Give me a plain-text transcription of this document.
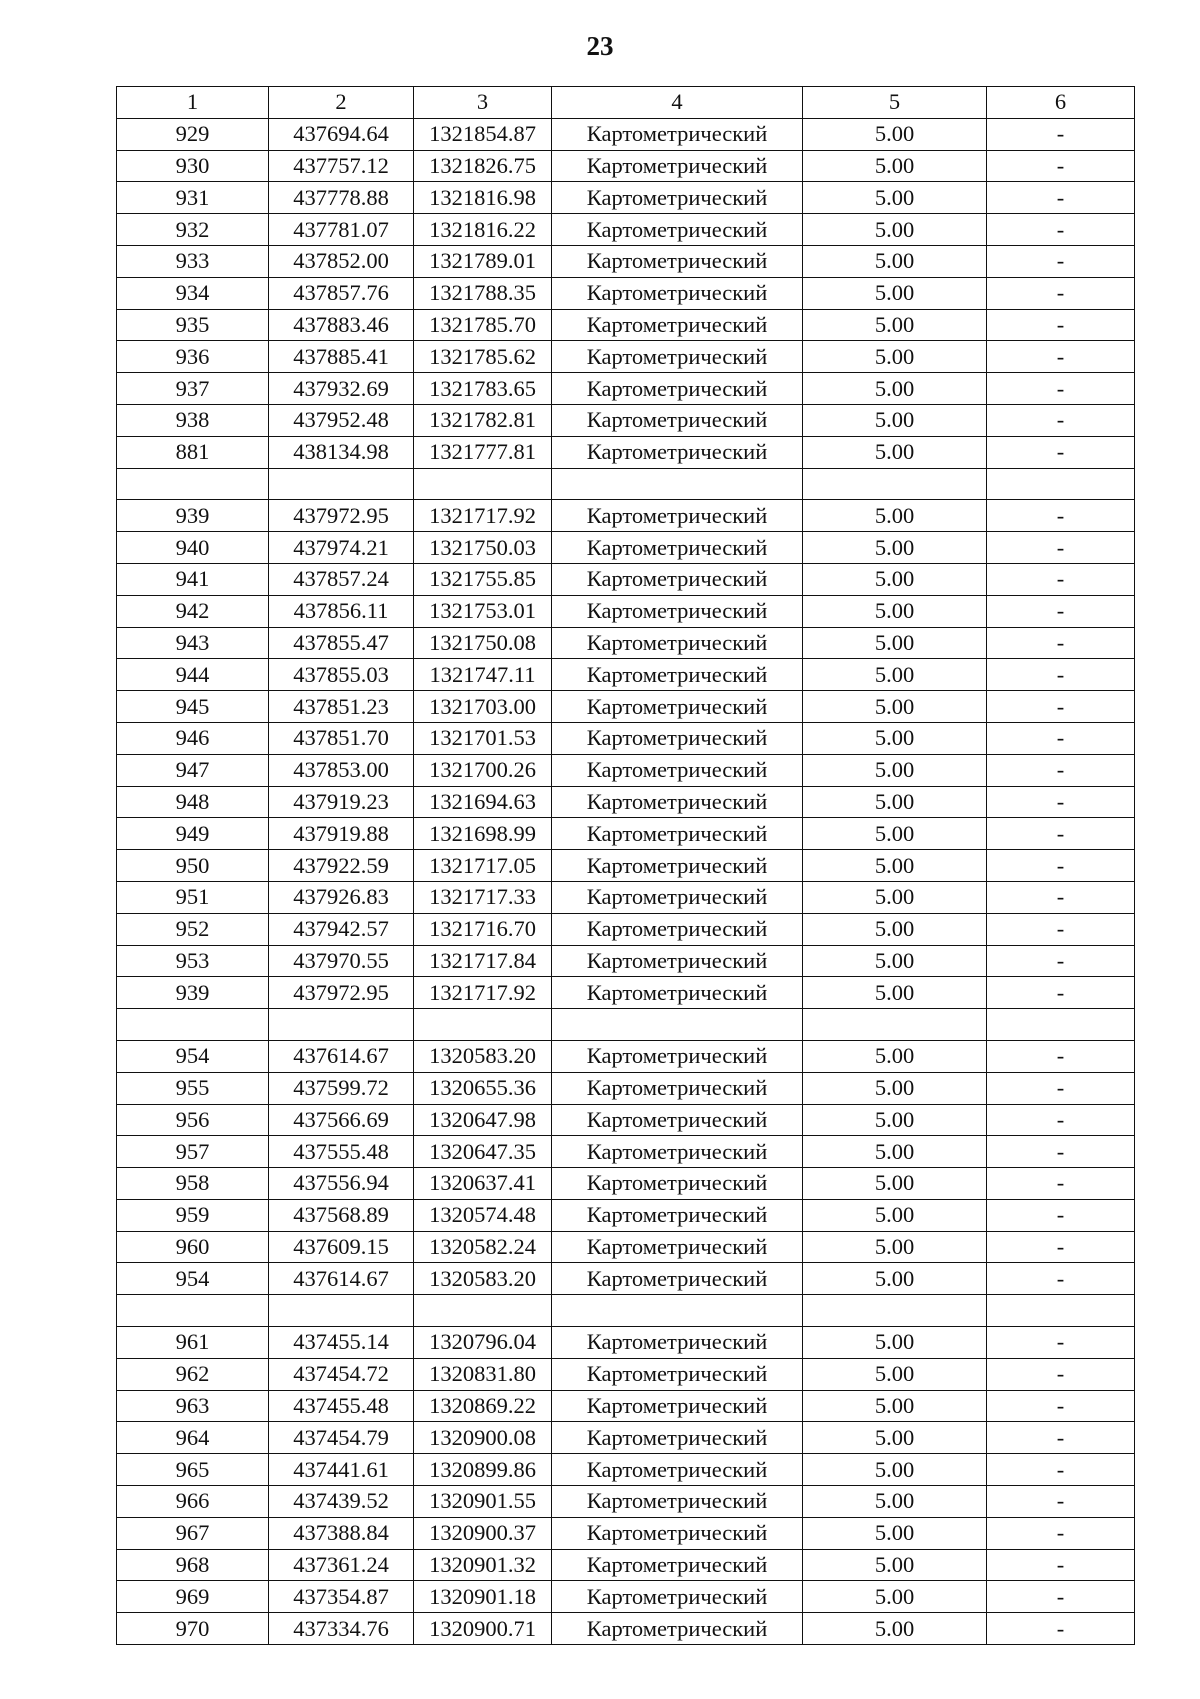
23
1	2	3	4	5	6
929	437694.64	1321854.87	Картометрический	5.00	-
930	437757.12	1321826.75	Картометрический	5.00	-
931	437778.88	1321816.98	Картометрический	5.00	-
932	437781.07	1321816.22	Картометрический	5.00	-
933	437852.00	1321789.01	Картометрический	5.00	-
934	437857.76	1321788.35	Картометрический	5.00	-
935	437883.46	1321785.70	Картометрический	5.00	-
936	437885.41	1321785.62	Картометрический	5.00	-
937	437932.69	1321783.65	Картометрический	5.00	-
938	437952.48	1321782.81	Картометрический	5.00	-
881	438134.98	1321777.81	Картометрический	5.00	-

939	437972.95	1321717.92	Картометрический	5.00	-
940	437974.21	1321750.03	Картометрический	5.00	-
941	437857.24	1321755.85	Картометрический	5.00	-
942	437856.11	1321753.01	Картометрический	5.00	-
943	437855.47	1321750.08	Картометрический	5.00	-
944	437855.03	1321747.11	Картометрический	5.00	-
945	437851.23	1321703.00	Картометрический	5.00	-
946	437851.70	1321701.53	Картометрический	5.00	-
947	437853.00	1321700.26	Картометрический	5.00	-
948	437919.23	1321694.63	Картометрический	5.00	-
949	437919.88	1321698.99	Картометрический	5.00	-
950	437922.59	1321717.05	Картометрический	5.00	-
951	437926.83	1321717.33	Картометрический	5.00	-
952	437942.57	1321716.70	Картометрический	5.00	-
953	437970.55	1321717.84	Картометрический	5.00	-
939	437972.95	1321717.92	Картометрический	5.00	-

954	437614.67	1320583.20	Картометрический	5.00	-
955	437599.72	1320655.36	Картометрический	5.00	-
956	437566.69	1320647.98	Картометрический	5.00	-
957	437555.48	1320647.35	Картометрический	5.00	-
958	437556.94	1320637.41	Картометрический	5.00	-
959	437568.89	1320574.48	Картометрический	5.00	-
960	437609.15	1320582.24	Картометрический	5.00	-
954	437614.67	1320583.20	Картометрический	5.00	-

961	437455.14	1320796.04	Картометрический	5.00	-
962	437454.72	1320831.80	Картометрический	5.00	-
963	437455.48	1320869.22	Картометрический	5.00	-
964	437454.79	1320900.08	Картометрический	5.00	-
965	437441.61	1320899.86	Картометрический	5.00	-
966	437439.52	1320901.55	Картометрический	5.00	-
967	437388.84	1320900.37	Картометрический	5.00	-
968	437361.24	1320901.32	Картометрический	5.00	-
969	437354.87	1320901.18	Картометрический	5.00	-
970	437334.76	1320900.71	Картометрический	5.00	-
